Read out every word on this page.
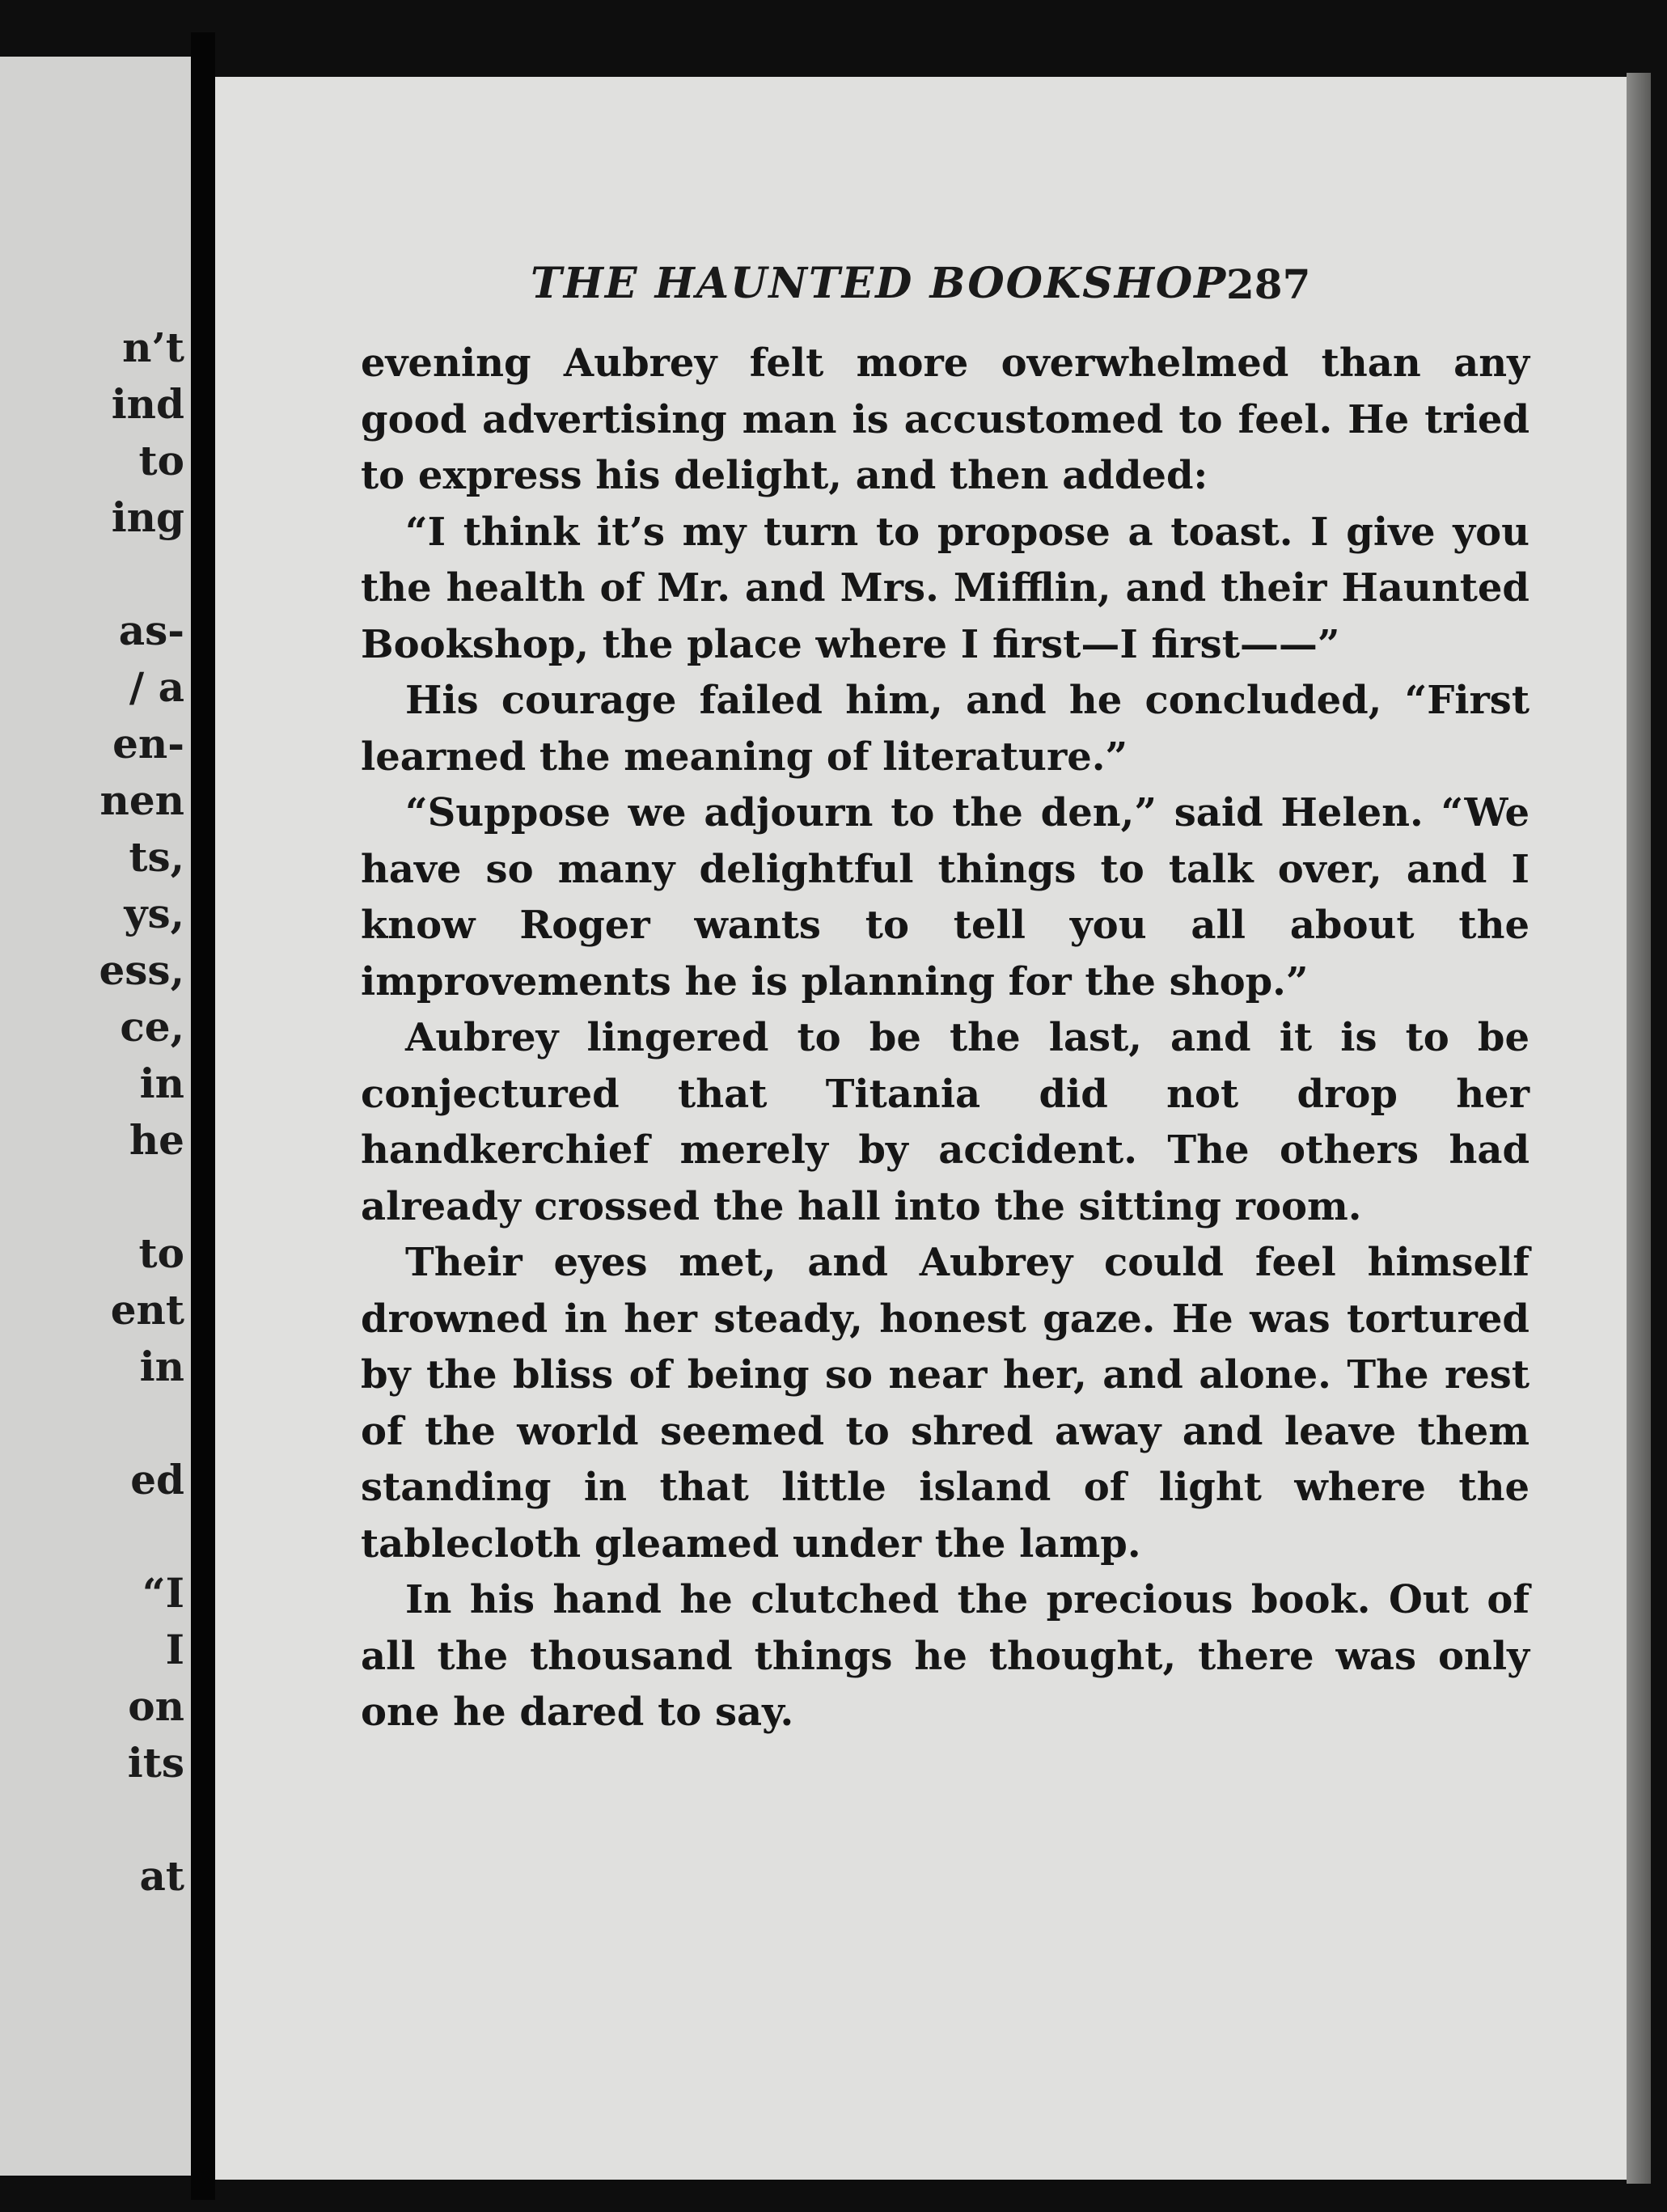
n’t
ind
to
ing
as-
/ a
en-
nen
ts,
ys,
ess,
ce,
in
he
to
ent
in
ed
“I
I
on
its
at
THE HAUNTED BOOKSHOP
287

evening Aubrey felt more overwhelmed than any good advertising man is accustomed to feel. He tried to express his delight, and then added:

“I think it’s my turn to propose a toast. I give you the health of Mr. and Mrs. Mifflin, and their Haunted Bookshop, the place where I first—I first——”

His courage failed him, and he concluded, “First learned the meaning of literature.”

“Suppose we adjourn to the den,” said Helen. “We have so many delightful things to talk over, and I know Roger wants to tell you all about the improvements he is planning for the shop.”

Aubrey lingered to be the last, and it is to be conjectured that Titania did not drop her handkerchief merely by accident. The others had already crossed the hall into the sitting room.

Their eyes met, and Aubrey could feel himself drowned in her steady, honest gaze. He was tortured by the bliss of being so near her, and alone. The rest of the world seemed to shred away and leave them standing in that little island of light where the tablecloth gleamed under the lamp.

In his hand he clutched the precious book. Out of all the thousand things he thought, there was only one he dared to say.
